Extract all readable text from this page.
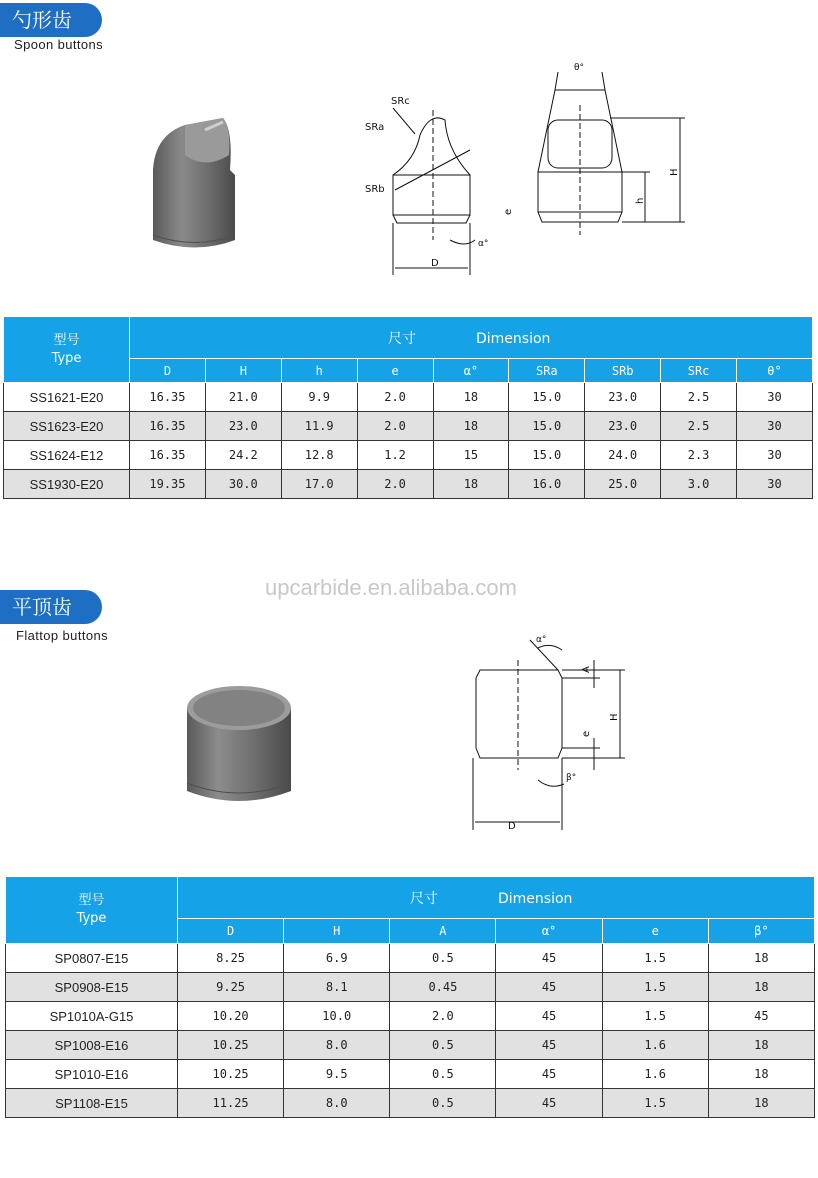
勺形齿
Spoon buttons
SRc
SRa
SRb
α°
D
e
θ°
H
h
型号
Type	尺寸 Dimension								
	D	H	h	e	α°	SRa	SRb	SRc	θ°
SS1621-E20	16.35	21.0	9.9	2.0	18	15.0	23.0	2.5	30
SS1623-E20	16.35	23.0	11.9	2.0	18	15.0	23.0	2.5	30
SS1624-E12	16.35	24.2	12.8	1.2	15	15.0	24.0	2.3	30
SS1930-E20	19.35	30.0	17.0	2.0	18	16.0	25.0	3.0	30
upcarbide.en.alibaba.com
平顶齿
Flattop buttons	α°
A
H
e
β°
D
型号
Type	尺寸 Dimension					
	D	H	A	α°	e	β°
SP0807-E15	8.25	6.9	0.5	45	1.5	18
SP0908-E15	9.25	8.1	0.45	45	1.5	18
SP1010A-G15	10.20	10.0	2.0	45	1.5	45
SP1008-E16	10.25	8.0	0.5	45	1.6	18
SP1010-E16	10.25	9.5	0.5	45	1.6	18
SP1108-E15	11.25	8.0	0.5	45	1.5	18
